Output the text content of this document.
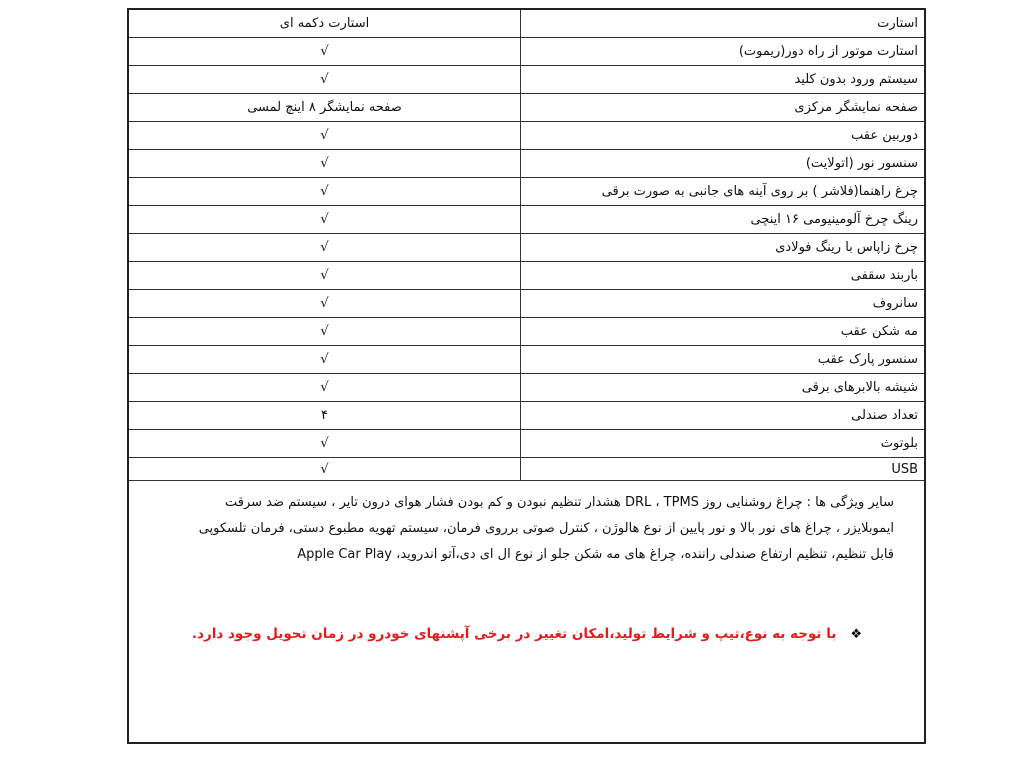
استارت	استارت دکمه ای
استارت موتور از راه دور(ریموت)	√
سیستم ورود بدون کلید	√
صفحه نمایشگر مرکزی	صفحه نمایشگر ۸ اینچ لمسی
دوربین عقب	√
سنسور نور (اتولایت)	√
چرغ راهنما(فلاشر ) بر روی آینه های جانبی به صورت برقی	√
رینگ چرخ آلومینیومی ۱۶ اینچی	√
چرخ زاپاس با رینگ فولادی	√
باربند سقفی	√
سانروف	√
مه شکن عقب	√
سنسور پارک عقب	√
شیشه بالابرهای برقی	√
تعداد صندلی	۴
بلوتوث	√
USB	√
سایر ویژگی ها : چراغ روشنایی روز DRL ، TPMS هشدار تنظیم نبودن و کم بودن فشار هوای درون تایر ، سیستم ضد سرقت
ایموبلایزر ، چراغ های نور بالا و نور پایین از نوع هالوژن ، کنترل صوتی برروی فرمان، سیستم تهویه مطبوع دستی، فرمان تلسکوپی
قابل تنظیم، تنظیم ارتفاع صندلی راننده، چراغ های مه شکن جلو از نوع ال ای دی،آتو اندروید، Apple Car Play
❖با توجه به نوع،تیپ و شرایط تولید،امکان تغییر در برخی آپشنهای خودرو در زمان تحویل وجود دارد.
